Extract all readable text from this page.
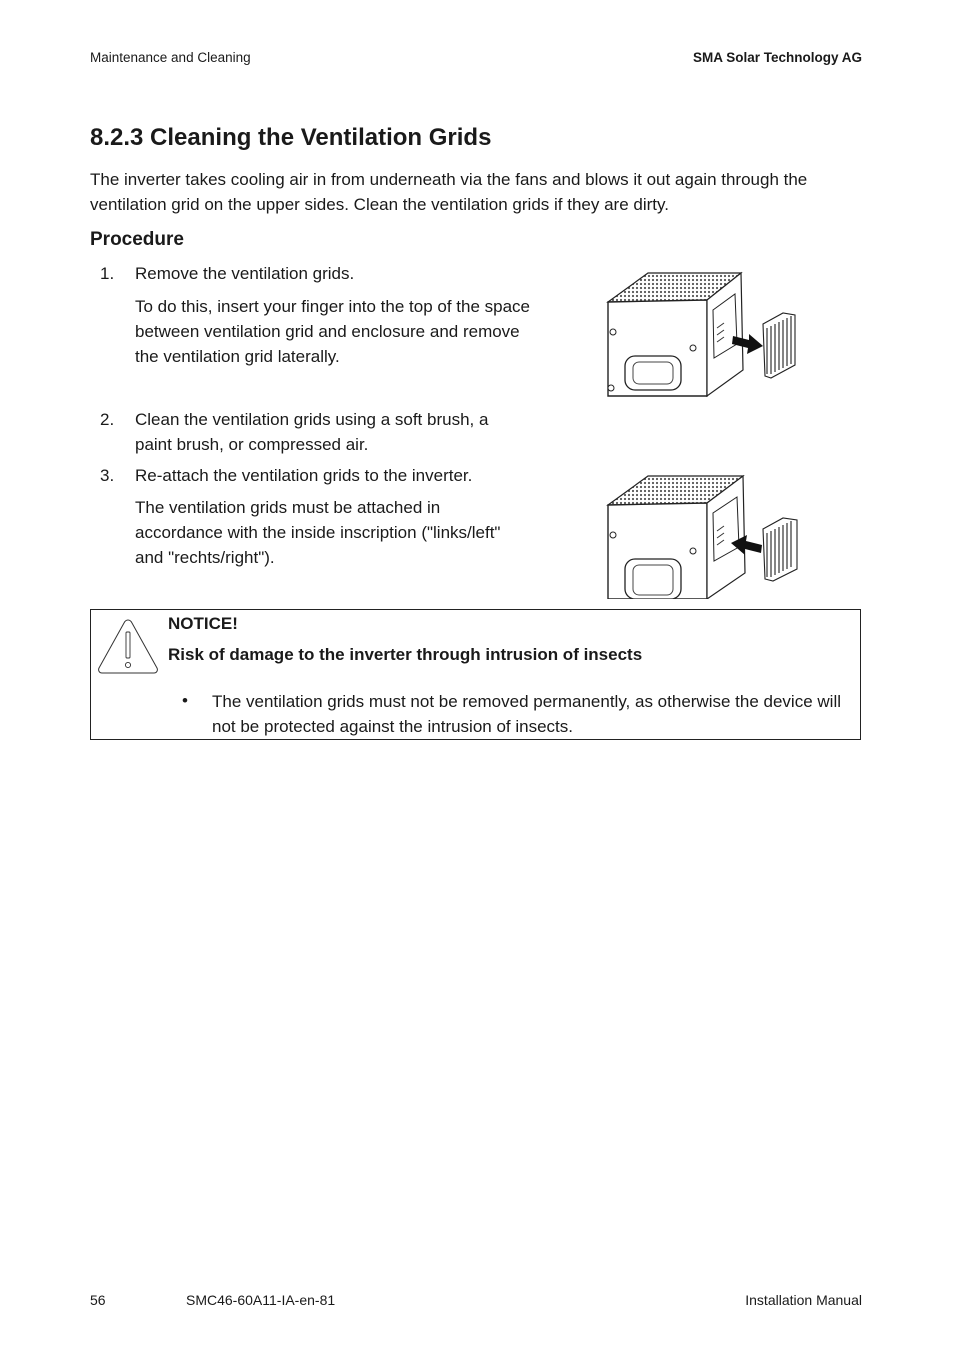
Maintenance and Cleaning	SMA Solar Technology AG
8.2.3 Cleaning the Ventilation Grids
The inverter takes cooling air in from underneath via the fans and blows it out again through the ventilation grid on the upper sides. Clean the ventilation grids if they are dirty.
Procedure
1. Remove the ventilation grids.
To do this, insert your finger into the top of the space between ventilation grid and enclosure and remove the ventilation grid laterally.
2. Clean the ventilation grids using a soft brush, a paint brush, or compressed air.
3. Re-attach the ventilation grids to the inverter.
The ventilation grids must be attached in accordance with the inside inscription ("links/left" and "rechts/right").
NOTICE!
Risk of damage to the inverter through intrusion of insects
• The ventilation grids must not be removed permanently, as otherwise the device will not be protected against the intrusion of insects.
56	SMC46-60A11-IA-en-81	Installation Manual
